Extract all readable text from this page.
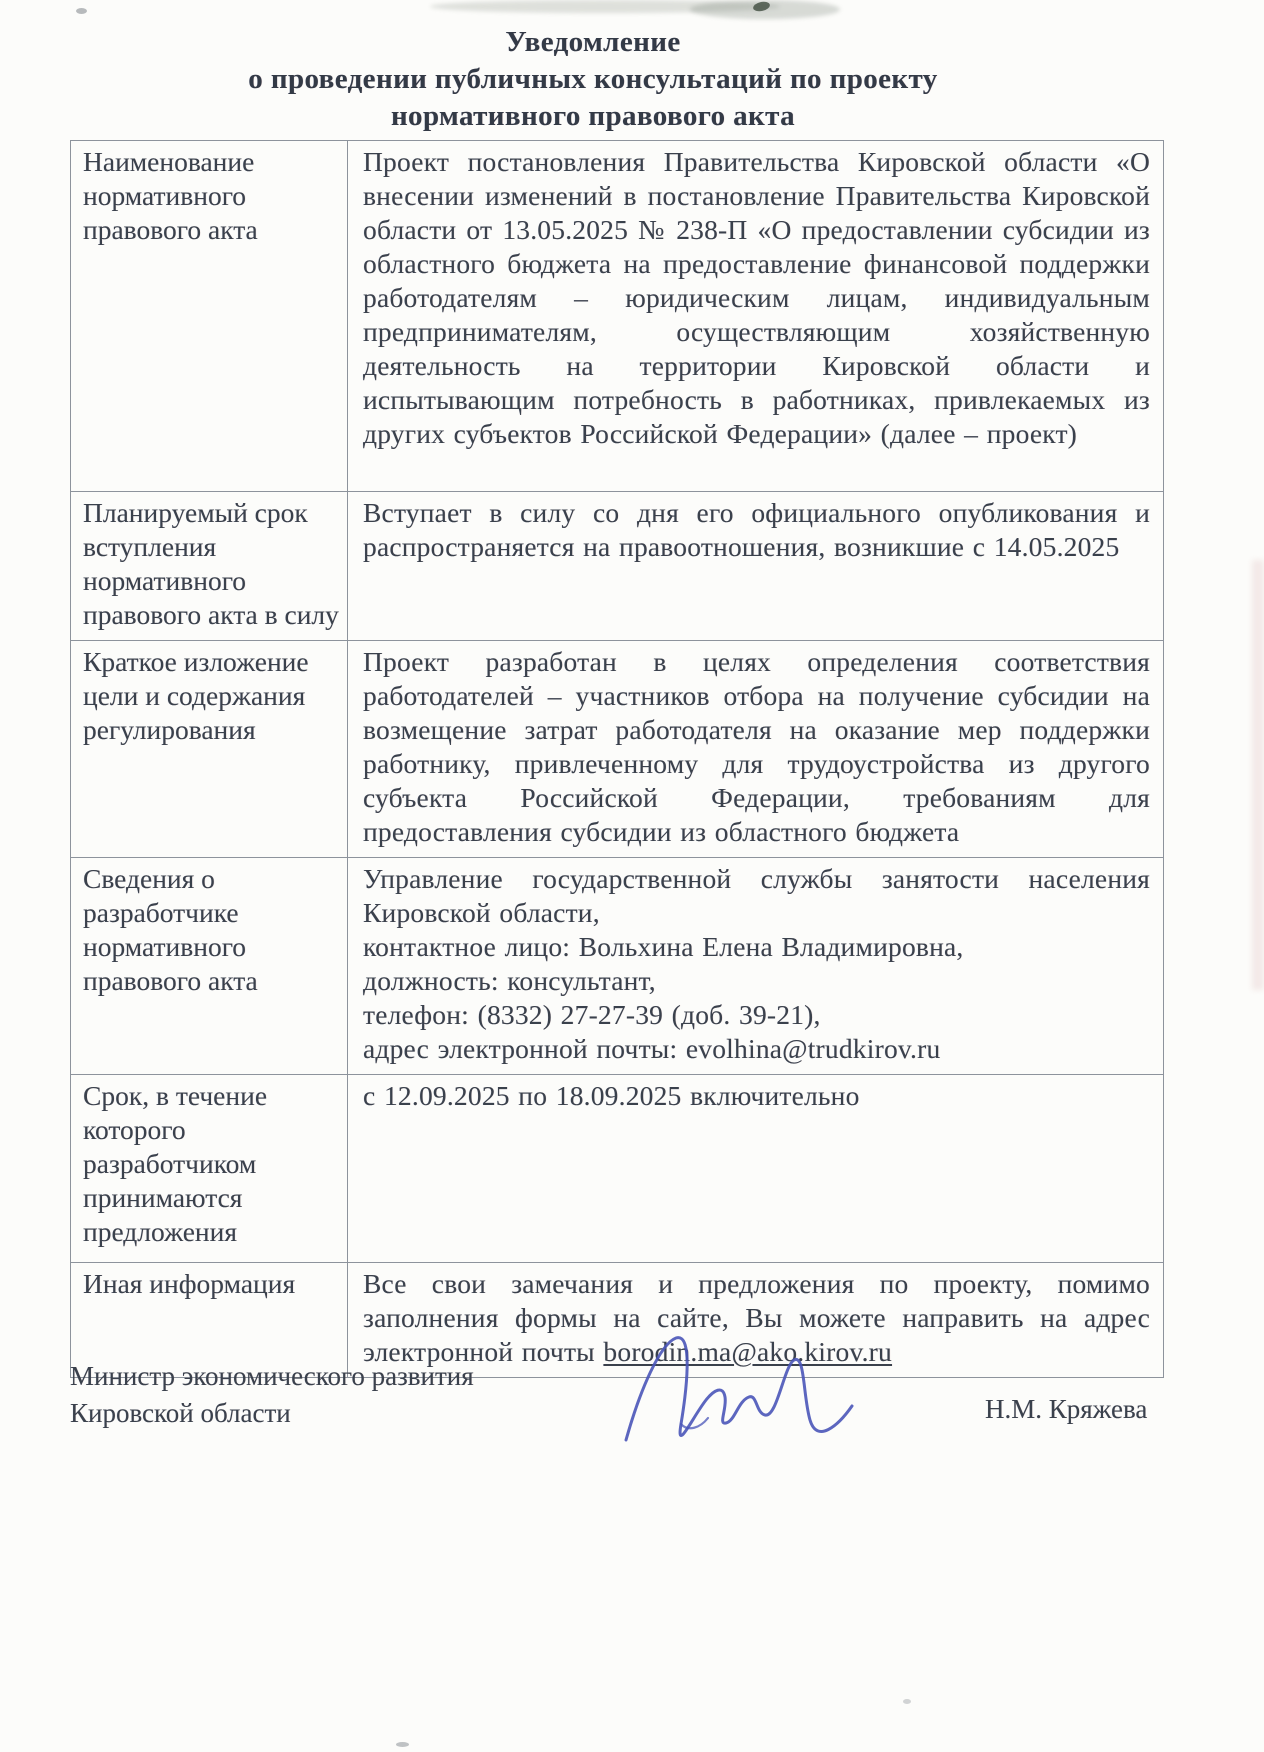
Уведомление
о проведении публичных консультаций по проекту
нормативного правового акта
Наименование нормативного правового акта	Проект постановления Правительства Кировской области «О внесении изменений в постановление Правительства Кировской области от 13.05.2025 № 238-П «О предоставлении субсидии из областного бюджета на предоставление финансовой поддержки работодателям – юридическим лицам, индивидуальным предпринимателям, осуществляющим хозяйственную деятельность на территории Кировской области и испытывающим потребность в работниках, привлекаемых из других субъектов Российской Федерации» (далее – проект)

Планируемый срок вступления нормативного правового акта в силу	Вступает в силу со дня его официального опубликования и распространяется на правоотношения, возникшие с 14.05.2025

Краткое изложение цели и содержания регулирования	Проект разработан в целях определения соответствия работодателей – участников отбора на получение субсидии на возмещение затрат работодателя на оказание мер поддержки работнику, привлеченному для трудоустройства из другого субъекта Российской Федерации, требованиям для предоставления субсидии из областного бюджета

Сведения о разработчике нормативного правового акта	Управление государственной службы занятости населения Кировской области,

контактное лицо: Вольхина Елена Владимировна,

должность: консультант,

телефон: (8332) 27-27-39 (доб. 39-21),

адрес электронной почты: evolhina@trudkirov.ru

Срок, в течение которого разработчиком принимаются предложения	с 12.09.2025 по 18.09.2025 включительно

Иная информация	Все свои замечания и предложения по проекту, помимо заполнения формы на сайте, Вы можете направить на адрес электронной почты borodin.ma@ako.kirov.ru

Министр экономического развития
Кировской области	Н.М. Кряжева
